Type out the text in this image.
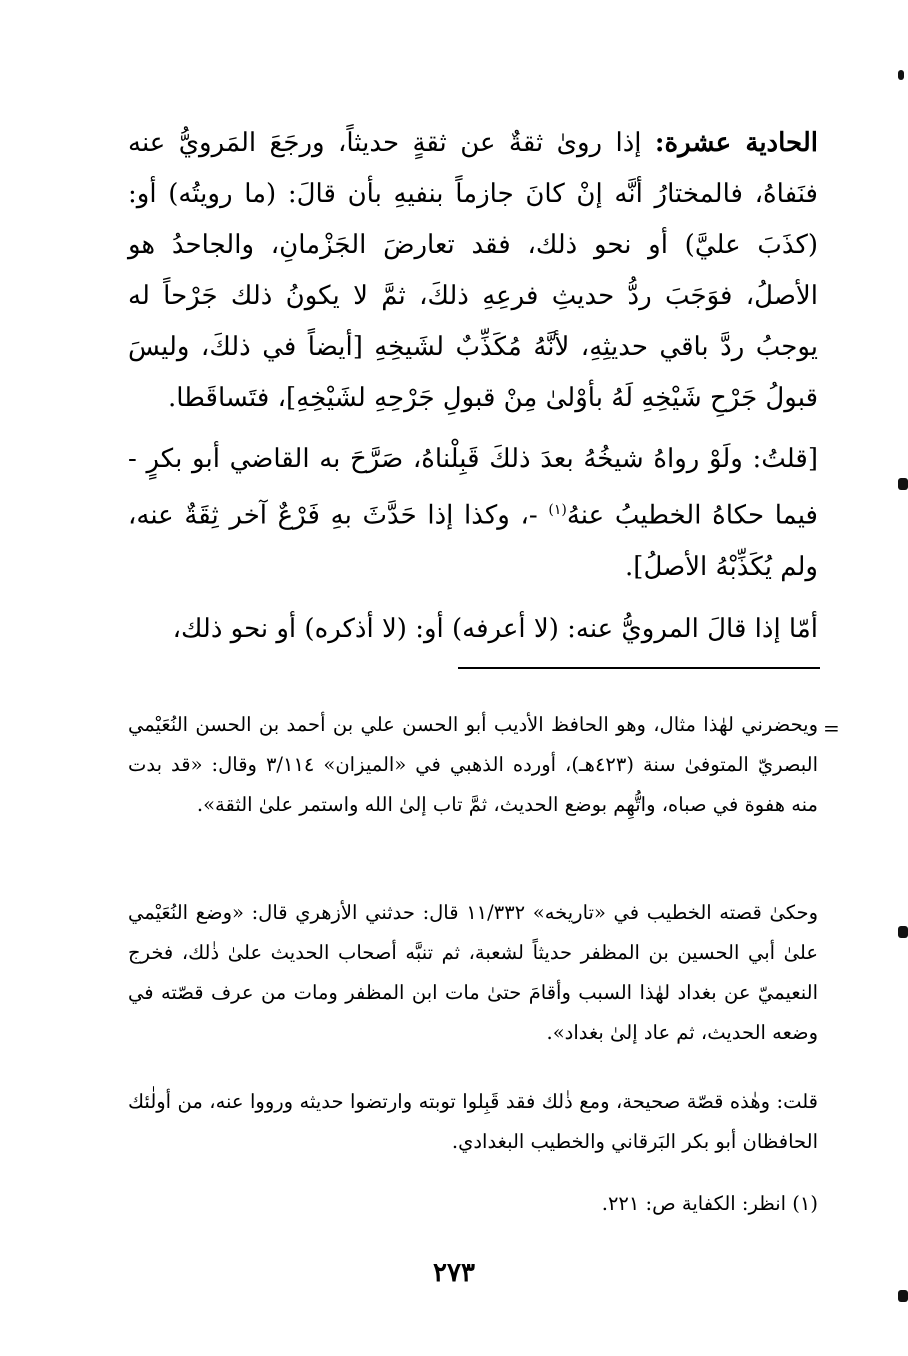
الحادية عشرة: إذا روىٰ ثقةٌ عن ثقةٍ حديثاً، ورجَعَ المَرويُّ عنه فنَفاهُ، فالمختارُ أنَّه إنْ كانَ جازماً بنفيهِ بأن قالَ: (ما رويتُه) أو: (كذَبَ عليَّ) أو نحو ذلك، فقد تعارضَ الجَزْمانِ، والجاحدُ هو الأصلُ، فوَجَبَ ردُّ حديثِ فرعِهِ ذلكَ، ثمَّ لا يكونُ ذلك جَرْحاً له يوجبُ ردَّ باقي حديثِهِ، لأنَّهُ مُكَذِّبٌ لشَيخِهِ [أيضاً في ذلكَ، وليسَ قبولُ جَرْحِ شَيْخِهِ لَهُ بأوْلىٰ مِنْ قبولِ جَرْحِهِ لشَيْخِهِ]، فتَساقَطا.

[قلتُ: ولَوْ رواهُ شيخُهُ بعدَ ذلكَ قَبِلْناهُ، صَرَّحَ به القاضي أبو بكرٍ - فيما حكاهُ الخطيبُ عنهُ$^{(١)}$ -، وكذا إذا حَدَّثَ بهِ فَرْعٌ آخر ثِقَةٌ عنه، ولم يُكَذِّبْهُ الأصلُ].

أمّا إذا قالَ المرويُّ عنه: (لا أعرفه) أو: (لا أذكره) أو نحو ذلك،

=

ويحضرني لهٰذا مثال، وهو الحافظ الأديب أبو الحسن علي بن أحمد بن الحسن النُعَيْمي البصريّ المتوفىٰ سنة (٤٢٣هـ)، أورده الذهبي في «الميزان» ٣/١١٤ وقال: «قد بدت منه هفوة في صباه، واتُّهِم بوضع الحديث، ثمَّ تاب إلىٰ الله واستمر علىٰ الثقة».

وحكىٰ قصته الخطيب في «تاريخه» ١١/٣٣٢ قال: حدثني الأزهري قال: «وضع النُعَيْمي علىٰ أبي الحسين بن المظفر حديثاً لشعبة، ثم تنبَّه أصحاب الحديث علىٰ ذٰلك، فخرج النعيميّ عن بغداد لهٰذا السبب وأقامَ حتىٰ مات ابن المظفر ومات من عرف قصّته في وضعه الحديث، ثم عاد إلىٰ بغداد».

قلت: وهٰذه قصّة صحيحة، ومع ذٰلك فقد قَبِلوا توبته وارتضوا حديثه ورووا عنه، من أولٰئك الحافظان أبو بكر البَرقاني والخطيب البغدادي.

(١) انظر: الكفاية ص: ٢٢١.

٢٧٣
